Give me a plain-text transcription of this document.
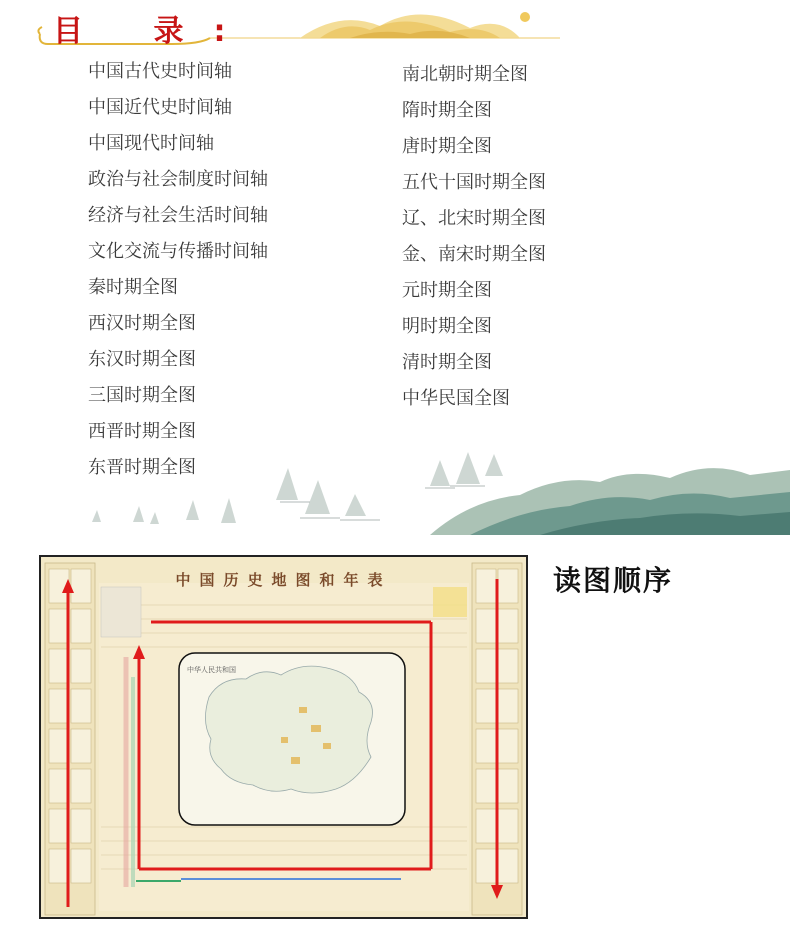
目 录:
中国古代史时间轴
中国近代史时间轴
中国现代时间轴
政治与社会制度时间轴
经济与社会生活时间轴
文化交流与传播时间轴
秦时期全图
西汉时期全图
东汉时期全图
三国时期全图
西晋时期全图
东晋时期全图
南北朝时期全图
隋时期全图
唐时期全图
五代十国时期全图
辽、北宋时期全图
金、南宋时期全图
元时期全图
明时期全图
清时期全图
中华民国全图
中国历史地图和年表
中华人民共和国
读图顺序
